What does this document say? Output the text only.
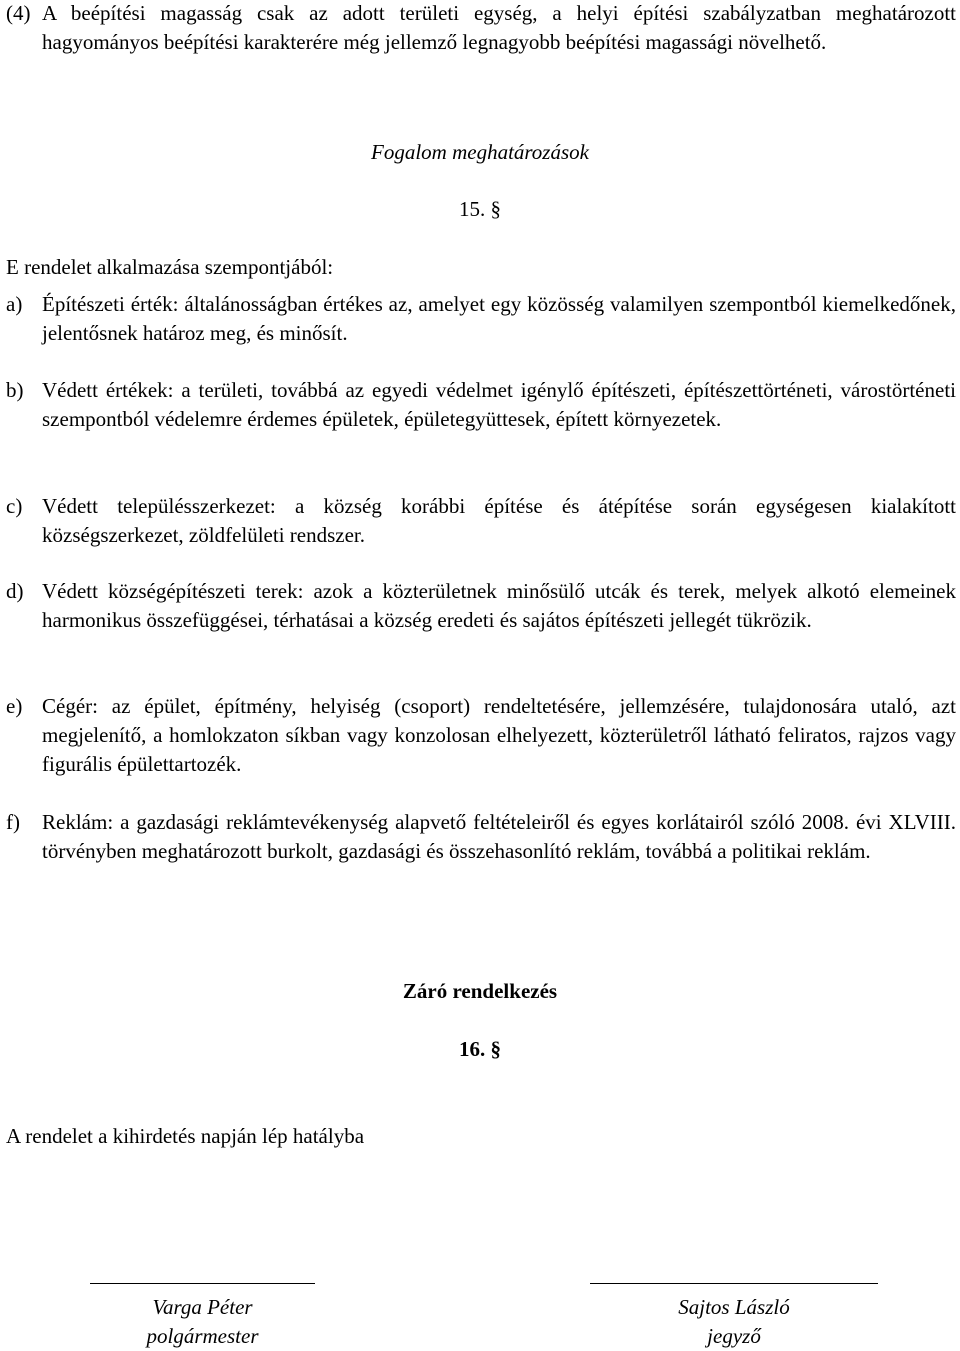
(4) A beépítési magasság csak az adott területi egység, a helyi építési szabályzatban meghatározott hagyományos beépítési karakterére még jellemző legnagyobb beépítési magassági növelhető.
Fogalom meghatározások
15. §
E rendelet alkalmazása szempontjából:
a) Építészeti érték: általánosságban értékes az, amelyet egy közösség valamilyen szempontból kiemelkedőnek, jelentősnek határoz meg, és minősít.
b) Védett értékek: a területi, továbbá az egyedi védelmet igénylő építészeti, építészettörténeti, várostörténeti szempontból védelemre érdemes épületek, épületegyüttesek, épített környezetek.
c) Védett településszerkezet: a község korábbi építése és átépítése során egységesen kialakított községszerkezet, zöldfelületi rendszer.
d) Védett községépítészeti terek: azok a közterületnek minősülő utcák és terek, melyek alkotó elemeinek harmonikus összefüggései, térhatásai a község eredeti és sajátos építészeti jellegét tükrözik.
e) Cégér: az épület, építmény, helyiség (csoport) rendeltetésére, jellemzésére, tulajdonosára utaló, azt megjelenítő, a homlokzaton síkban vagy konzolosan elhelyezett, közterületről látható feliratos, rajzos vagy figurális épülettartozék.
f)	Reklám: a gazdasági reklámtevékenység alapvető feltételeiről és egyes korlátairól szóló 2008. évi XLVIII. törvényben meghatározott burkolt, gazdasági és összehasonlító reklám, továbbá a politikai reklám.
Záró rendelkezés
16. §
A rendelet a kihirdetés napján lép hatályba
Varga Péter
polgármester
Sajtos László
jegyző
